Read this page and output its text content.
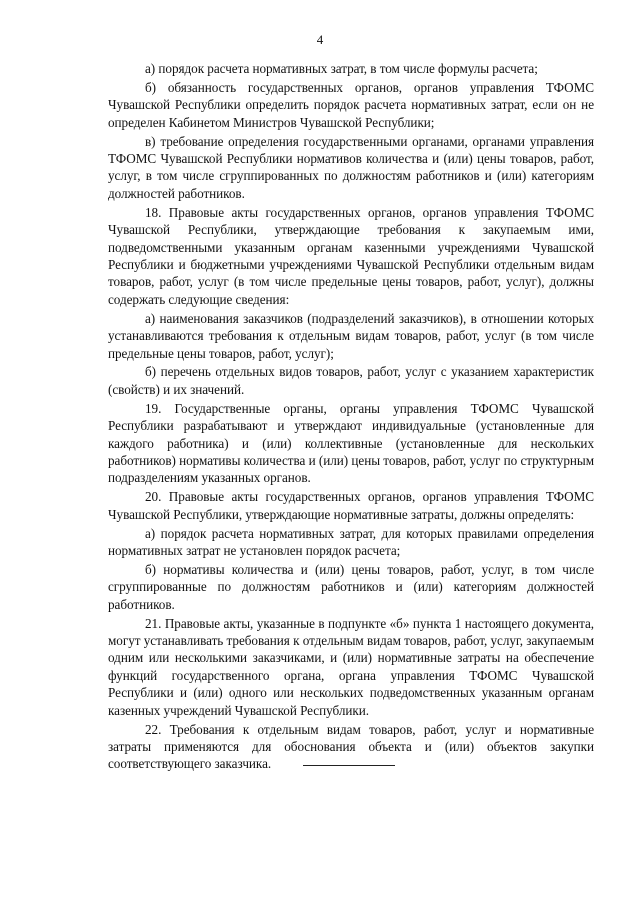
4

а) порядок расчета нормативных затрат, в том числе формулы расчета;

б) обязанность государственных органов, органов управления ТФОМС Чувашской Республики определить порядок расчета нормативных затрат, если он не определен Кабинетом Министров Чувашской Республики;

в) требование определения государственными органами, органами управления ТФОМС Чувашской Республики нормативов количества и (или) цены товаров, работ, услуг, в том числе сгруппированных по должностям работников и (или) категориям должностей работников.

18. Правовые акты государственных органов, органов управления ТФОМС Чувашской Республики, утверждающие требования к закупаемым ими, подведомственными указанным органам казенными учреждениями Чувашской Республики и бюджетными учреждениями Чувашской Республики отдельным видам товаров, работ, услуг (в том числе предельные цены товаров, работ, услуг), должны содержать следующие сведения:

а) наименования заказчиков (подразделений заказчиков), в отношении которых устанавливаются требования к отдельным видам товаров, работ, услуг (в том числе предельные цены товаров, работ, услуг);

б) перечень отдельных видов товаров, работ, услуг с указанием характеристик (свойств) и их значений.

19. Государственные органы, органы управления ТФОМС Чувашской Республики разрабатывают и утверждают индивидуальные (установленные для каждого работника) и (или) коллективные (установленные для нескольких работников) нормативы количества и (или) цены товаров, работ, услуг по структурным подразделениям указанных органов.

20. Правовые акты государственных органов, органов управления ТФОМС Чувашской Республики, утверждающие нормативные затраты, должны определять:

а) порядок расчета нормативных затрат, для которых правилами определения нормативных затрат не установлен порядок расчета;

б) нормативы количества и (или) цены товаров, работ, услуг, в том числе сгруппированные по должностям работников и (или) категориям должностей работников.

21. Правовые акты, указанные в подпункте «б» пункта 1 настоящего документа, могут устанавливать требования к отдельным видам товаров, работ, услуг, закупаемым одним или несколькими заказчиками, и (или) нормативные затраты на обеспечение функций государственного органа, органа управления ТФОМС Чувашской Республики и (или) одного или нескольких подведомственных указанным органам казенных учреждений Чувашской Республики.

22. Требования к отдельным видам товаров, работ, услуг и нормативные затраты применяются для обоснования объекта и (или) объектов закупки соответствующего заказчика.
